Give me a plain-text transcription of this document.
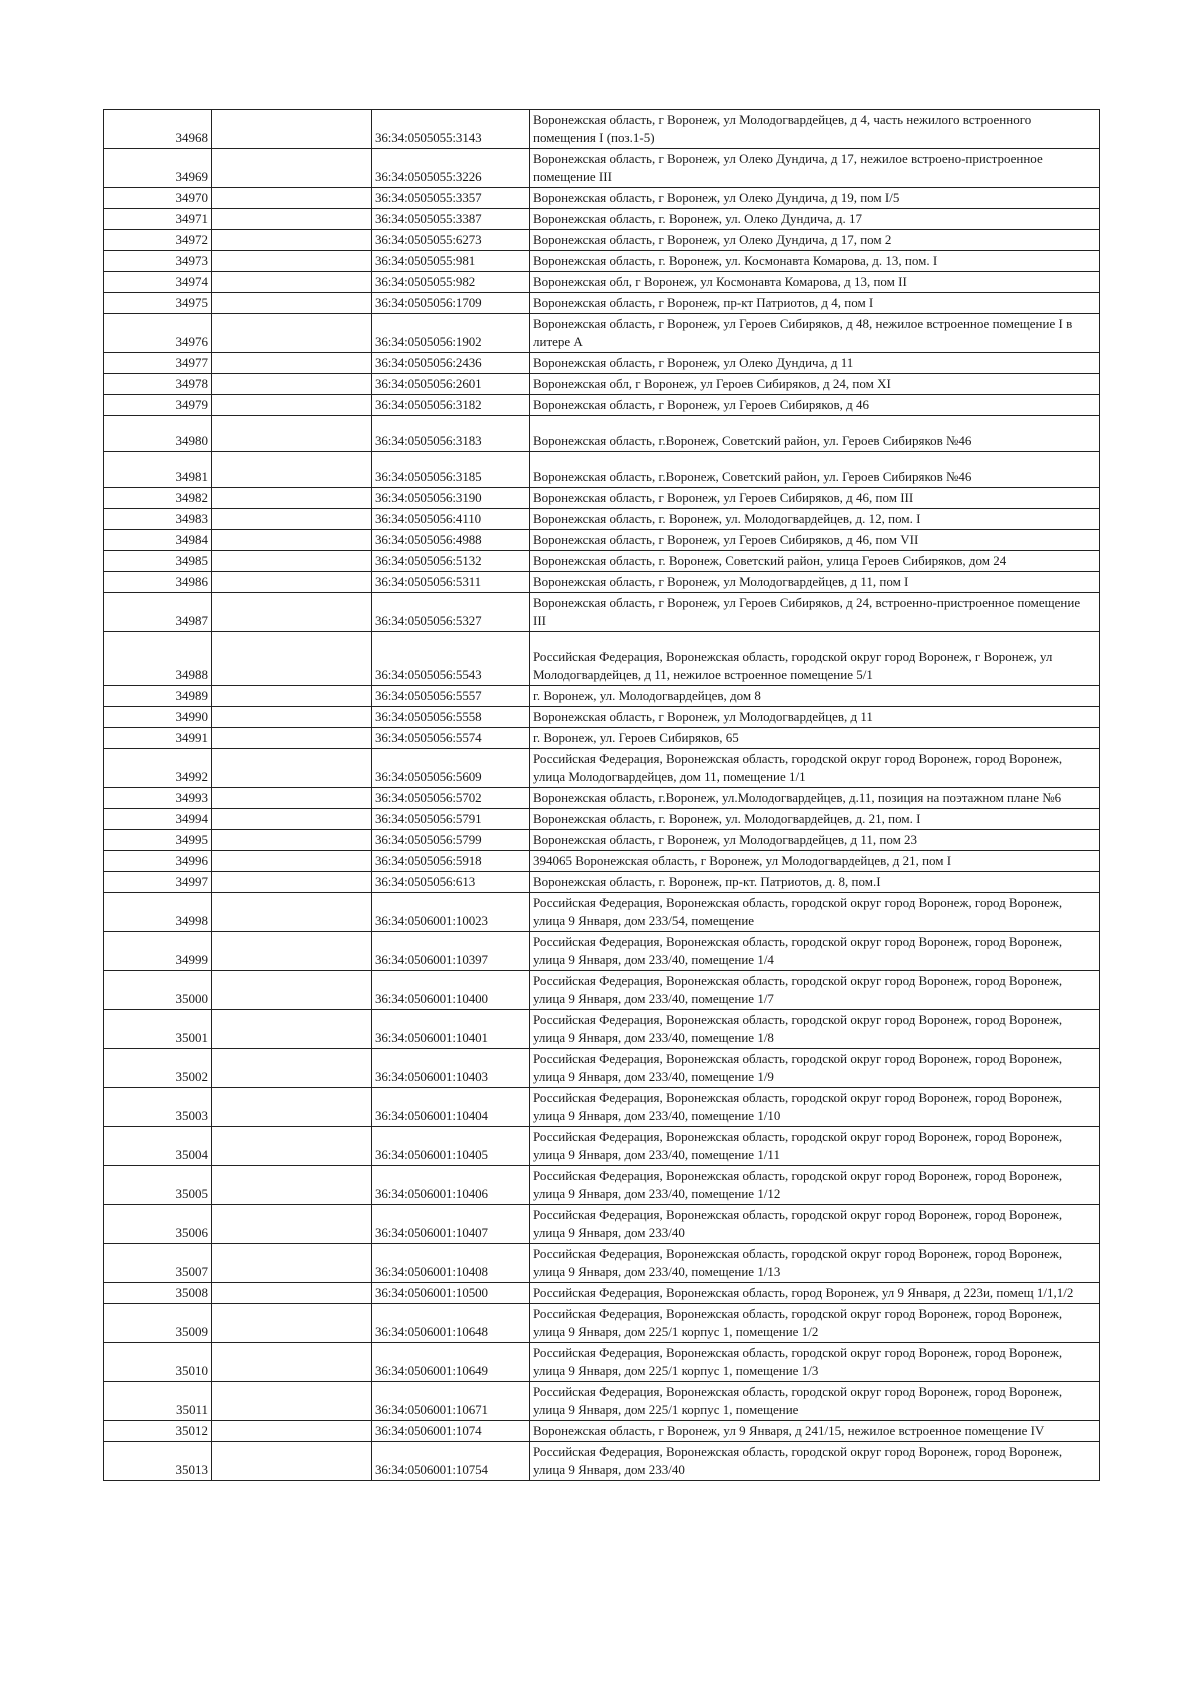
34968		36:34:0505055:3143	Воронежская область, г Воронеж, ул Молодогвардейцев, д 4, часть нежилого встроенного помещения I (поз.1-5)
34969		36:34:0505055:3226	Воронежская область, г Воронеж, ул Олеко Дундича, д 17, нежилое встроено-пристроенное помещение III
34970		36:34:0505055:3357	Воронежская область, г Воронеж, ул Олеко Дундича, д 19, пом I/5
34971		36:34:0505055:3387	Воронежская область, г. Воронеж, ул. Олеко Дундича, д. 17
34972		36:34:0505055:6273	Воронежская область, г Воронеж, ул Олеко Дундича, д 17, пом 2
34973		36:34:0505055:981	Воронежская область, г. Воронеж, ул. Космонавта Комарова, д. 13, пом. I
34974		36:34:0505055:982	Воронежская обл, г Воронеж, ул Космонавта Комарова, д 13, пом II
34975		36:34:0505056:1709	Воронежская область, г Воронеж, пр-кт Патриотов, д 4, пом I
34976		36:34:0505056:1902	Воронежская область, г Воронеж, ул Героев Сибиряков, д 48, нежилое встроенное помещение I в литере А
34977		36:34:0505056:2436	Воронежская область, г Воронеж, ул Олеко Дундича, д 11
34978		36:34:0505056:2601	Воронежская обл, г Воронеж, ул Героев Сибиряков, д 24, пом XI
34979		36:34:0505056:3182	Воронежская область, г Воронеж, ул Героев Сибиряков, д 46
34980		36:34:0505056:3183	Воронежская область, г.Воронеж, Советский район, ул. Героев Сибиряков №46
34981		36:34:0505056:3185	Воронежская область, г.Воронеж, Советский район, ул. Героев Сибиряков №46
34982		36:34:0505056:3190	Воронежская область, г Воронеж, ул Героев Сибиряков, д 46, пом III
34983		36:34:0505056:4110	Воронежская область, г. Воронеж, ул. Молодогвардейцев, д. 12, пом. I
34984		36:34:0505056:4988	Воронежская область, г Воронеж, ул Героев Сибиряков, д 46, пом VII
34985		36:34:0505056:5132	Воронежская область, г. Воронеж, Советский район, улица Героев Сибиряков, дом 24
34986		36:34:0505056:5311	Воронежская область, г Воронеж, ул Молодогвардейцев, д 11, пом I
34987		36:34:0505056:5327	Воронежская область, г Воронеж, ул Героев Сибиряков, д 24, встроенно-пристроенное помещение III
34988		36:34:0505056:5543	Российская Федерация, Воронежская область, городской округ город Воронеж, г Воронеж, ул Молодогвардейцев, д 11, нежилое встроенное помещение 5/1
34989		36:34:0505056:5557	г. Воронеж, ул. Молодогвардейцев, дом 8
34990		36:34:0505056:5558	Воронежская область, г Воронеж, ул Молодогвардейцев, д 11
34991		36:34:0505056:5574	г. Воронеж, ул. Героев Сибиряков, 65
34992		36:34:0505056:5609	Российская Федерация, Воронежская область, городской округ город Воронеж, город Воронеж, улица Молодогвардейцев, дом 11, помещение 1/1
34993		36:34:0505056:5702	Воронежская область, г.Воронеж, ул.Молодогвардейцев, д.11, позиция на поэтажном плане №6
34994		36:34:0505056:5791	Воронежская область, г. Воронеж, ул. Молодогвардейцев, д. 21, пом. I
34995		36:34:0505056:5799	Воронежская область, г Воронеж, ул Молодогвардейцев, д 11, пом 23
34996		36:34:0505056:5918	394065 Воронежская область, г Воронеж, ул Молодогвардейцев, д 21, пом I
34997		36:34:0505056:613	Воронежская область, г. Воронеж, пр-кт. Патриотов, д. 8, пом.I
34998		36:34:0506001:10023	Российская Федерация, Воронежская область, городской округ город Воронеж, город Воронеж, улица 9 Января, дом 233/54, помещение
34999		36:34:0506001:10397	Российская Федерация, Воронежская область, городской округ город Воронеж, город Воронеж, улица 9 Января, дом 233/40, помещение 1/4
35000		36:34:0506001:10400	Российская Федерация, Воронежская область, городской округ город Воронеж, город Воронеж, улица 9 Января, дом 233/40, помещение 1/7
35001		36:34:0506001:10401	Российская Федерация, Воронежская область, городской округ город Воронеж, город Воронеж, улица 9 Января, дом 233/40, помещение 1/8
35002		36:34:0506001:10403	Российская Федерация, Воронежская область, городской округ город Воронеж, город Воронеж, улица 9 Января, дом 233/40, помещение 1/9
35003		36:34:0506001:10404	Российская Федерация, Воронежская область, городской округ город Воронеж, город Воронеж, улица 9 Января, дом 233/40, помещение 1/10
35004		36:34:0506001:10405	Российская Федерация, Воронежская область, городской округ город Воронеж, город Воронеж, улица 9 Января, дом 233/40, помещение 1/11
35005		36:34:0506001:10406	Российская Федерация, Воронежская область, городской округ город Воронеж, город Воронеж, улица 9 Января, дом 233/40, помещение 1/12
35006		36:34:0506001:10407	Российская Федерация, Воронежская область, городской округ город Воронеж, город Воронеж, улица 9 Января, дом 233/40
35007		36:34:0506001:10408	Российская Федерация, Воронежская область, городской округ город Воронеж, город Воронеж, улица 9 Января, дом 233/40, помещение 1/13
35008		36:34:0506001:10500	Российская Федерация, Воронежская область, город Воронеж, ул 9 Января, д 223и, помещ 1/1,1/2
35009		36:34:0506001:10648	Российская Федерация, Воронежская область, городской округ город Воронеж, город Воронеж, улица 9 Января, дом 225/1 корпус 1, помещение 1/2
35010		36:34:0506001:10649	Российская Федерация, Воронежская область, городской округ город Воронеж, город Воронеж, улица 9 Января, дом 225/1 корпус 1, помещение 1/3
35011		36:34:0506001:10671	Российская Федерация, Воронежская область, городской округ город Воронеж, город Воронеж, улица 9 Января, дом 225/1 корпус 1, помещение
35012		36:34:0506001:1074	Воронежская область, г Воронеж, ул 9 Января, д 241/15, нежилое встроенное помещение IV
35013		36:34:0506001:10754	Российская Федерация, Воронежская область, городской округ город Воронеж, город Воронеж, улица 9 Января, дом 233/40
